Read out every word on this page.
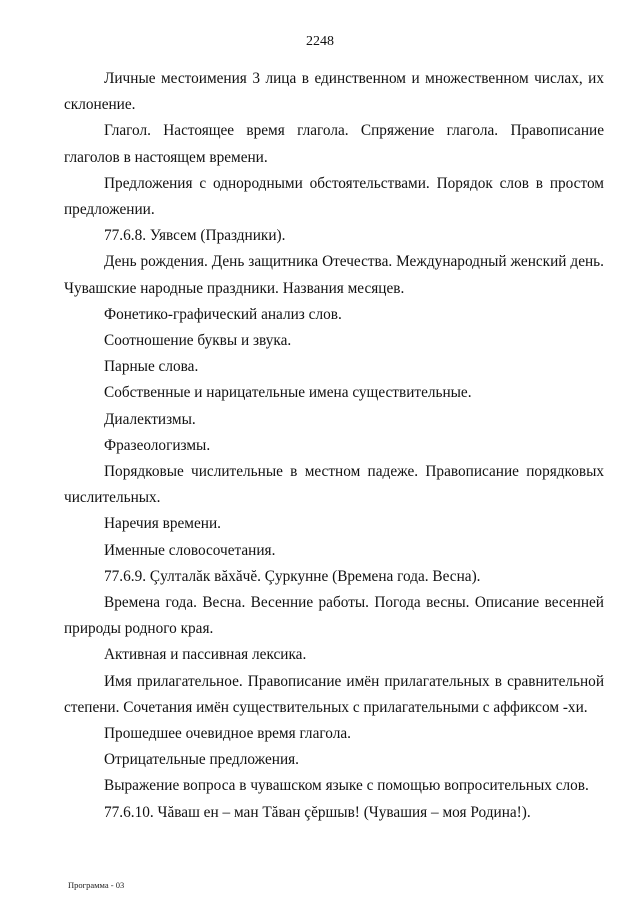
2248

Личные местоимения 3 лица в единственном и множественном числах, их склонение.

Глагол. Настоящее время глагола. Спряжение глагола. Правописание глаголов в настоящем времени.

Предложения с однородными обстоятельствами. Порядок слов в простом предложении.

77.6.8. Уявсем (Праздники).

День рождения. День защитника Отечества. Международный женский день. Чувашские народные праздники. Названия месяцев.

Фонетико-графический анализ слов.

Соотношение буквы и звука.

Парные слова.

Собственные и нарицательные имена существительные.

Диалектизмы.

Фразеологизмы.

Порядковые числительные в местном падеже. Правописание порядковых числительных.

Наречия времени.

Именные словосочетания.

77.6.9. Çулталăк вăхăчĕ. Çуркунне (Времена года. Весна).

Времена года. Весна. Весенние работы. Погода весны. Описание весенней природы родного края.

Активная и пассивная лексика.

Имя прилагательное. Правописание имён прилагательных в сравнительной степени. Сочетания имён существительных с прилагательными с аффиксом -хи.

Прошедшее очевидное время глагола.

Отрицательные предложения.

Выражение вопроса в чувашском языке с помощью вопросительных слов.

77.6.10. Чăваш ен – ман Тăван çĕршыв! (Чувашия – моя Родина!).

Программа - 03
